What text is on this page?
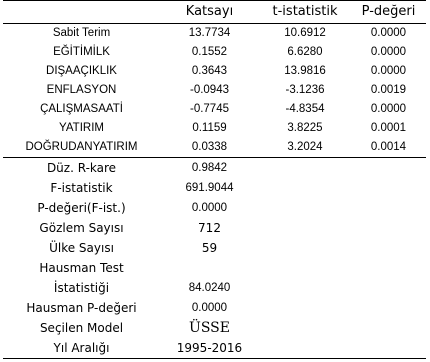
Katsayı	t-istatistik	P-değeri
Sabit Terim	13.7734	10.6912	0.0000
EĞİTİMİLK	0.1552	6.6280	0.0000
DIŞAAÇIKLIK	0.3643	13.9816	0.0000
ENFLASYON	-0.0943	-3.1236	0.0019
ÇALIŞMASAATİ	-0.7745	-4.8354	0.0000
YATIRIM	0.1159	3.8225	0.0001
DOĞRUDANYATIRIM	0.0338	3.2024	0.0014
Düz. R-kare	0.9842
F-istatistik	691.9044
P-değeri(F-ist.)	0.0000
Gözlem Sayısı	712
Ülke Sayısı	59
Hausman Test
İstatistiği	84.0240
Hausman P-değeri	0.0000
Seçilen Model	ÜSSE
Yıl Aralığı	1995-2016
